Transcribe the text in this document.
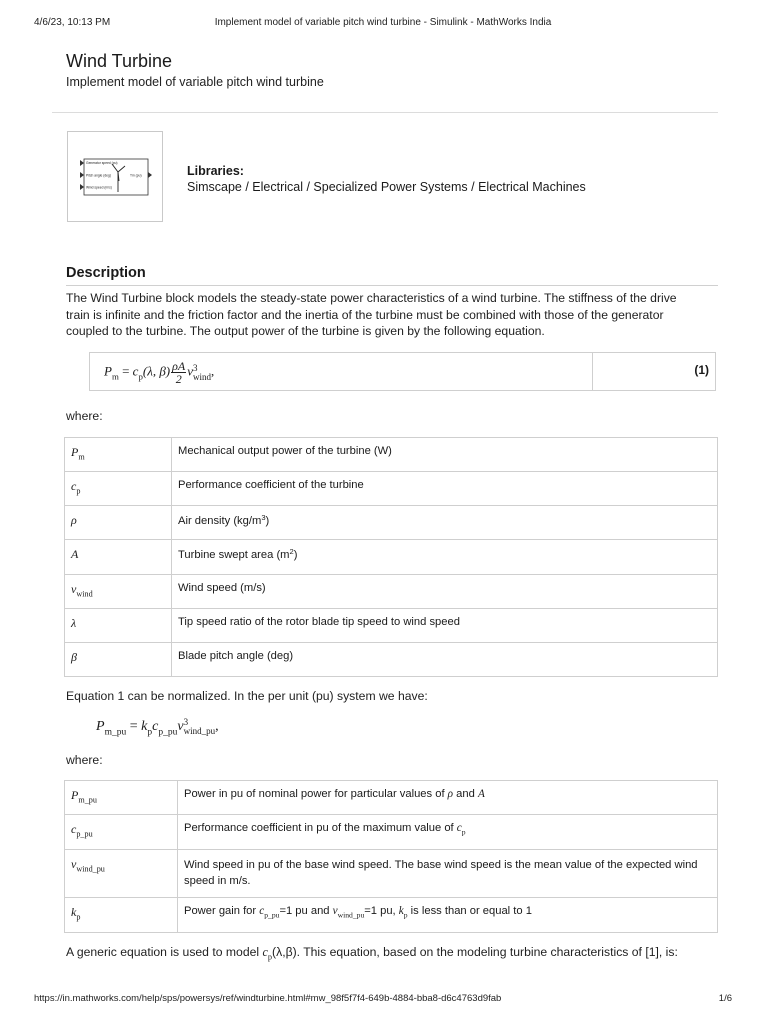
4/6/23, 10:13 PM	Implement model of variable pitch wind turbine - Simulink - MathWorks India
Wind Turbine
Implement model of variable pitch wind turbine
Generator speed (pu)
Pitch angle (deg)
Wind speed (m/s)
Tm (pu)	Libraries:
Simscape / Electrical / Specialized Power Systems / Electrical Machines
Description
The Wind Turbine block models the steady-state power characteristics of a wind turbine. The stiffness of the drive
train is infinite and the friction factor and the inertia of the turbine must be combined with those of the generator
coupled to the turbine. The output power of the turbine is given by the following equation.
$P_m = c_p(\lambda$, $\beta) \frac{\rho A}{2}$ v 3
wind ,	(1)
where:
$P_m$	Mechanical output power of the turbine (W)
$c_p$	Performance coefficient of the turbine
ρ	Air density $(kg/m^3)$
A	Turbine swept area $(m^2)$
$v_{wind}$	Wind speed (m/s)
λ	Tip speed ratio of the rotor blade tip speed to wind speed
β	Blade pitch angle (deg)
Equation 1 can be normalized. In the per unit (pu) system we have:
$P_{m\_pu} = k_pc_{p\_pu}v$ 3
wind_pu ,
where:
$P_{m\_pu}$	Power in pu of nominal power for particular values of ρ and A
$c_{p\_pu}$	Performance coefficient in pu of the maximum value of $c_p$
$v_{wind\_pu}$	Wind speed in pu of the base wind speed. The base wind speed is the mean value of the expected wind
speed in m/s.

$k_p$	Power gain for $c_{p\_pu}=1$ pu and $v_{wind\_pu}=1$ pu, $k_p$ is less than or equal to 1
A generic equation is used to model $c_p(\lambda,\beta)$. This equation, based on the modeling turbine characteristics of [1], is:
https://in.mathworks.com/help/sps/powersys/ref/windturbine.html#mw_98f5f7f4-649b-4884-bba8-d6c4763d9fab	1/6
